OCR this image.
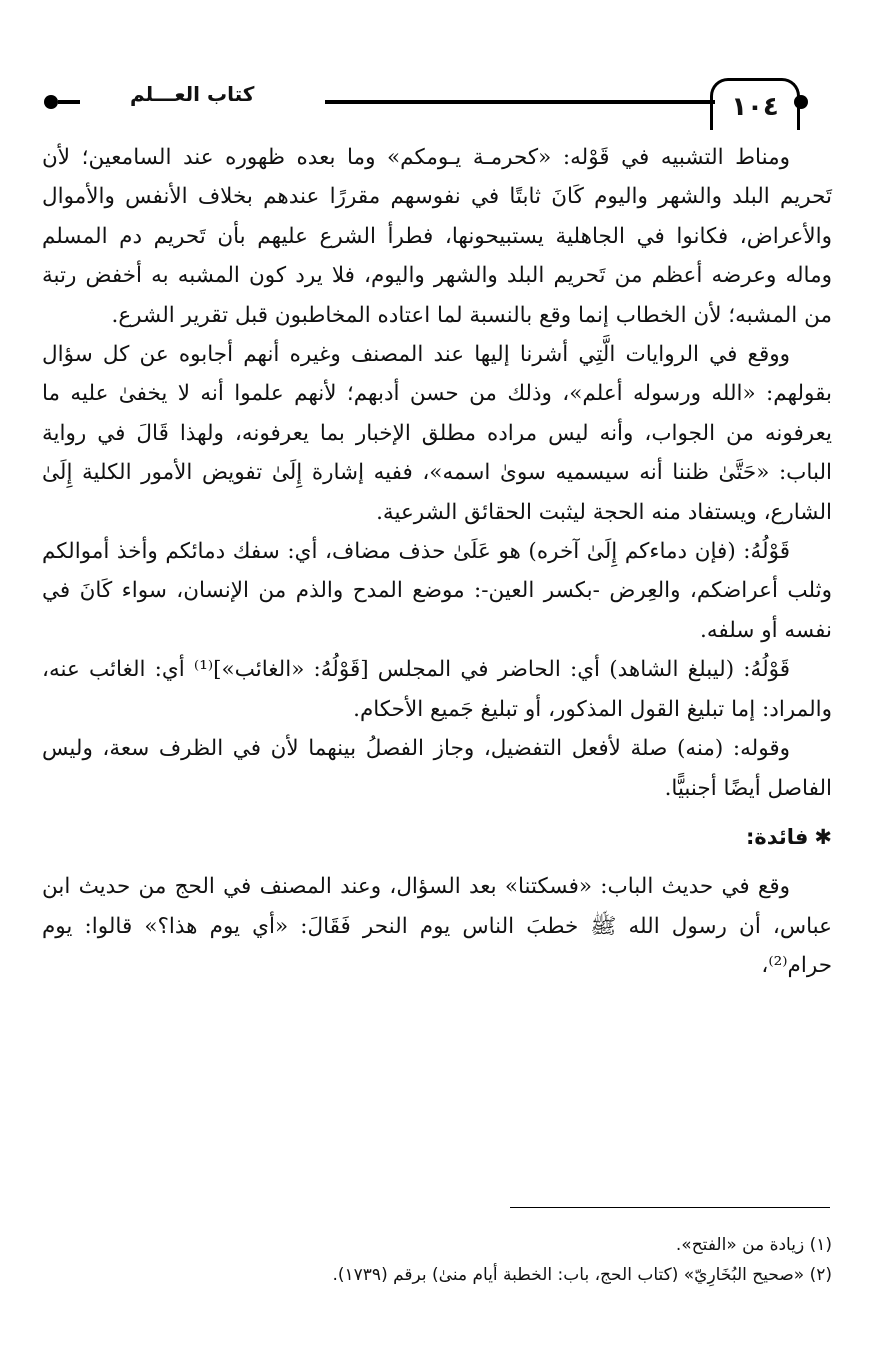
كتاب العـــلم	١٠٤

ومناط التشبيه في قَوْله: «كحرمـة يـومكم» وما بعده ظهوره عند السامعين؛ لأن تَحريم البلد والشهر واليوم كَانَ ثابتًا في نفوسهم مقررًا عندهم بخلاف الأنفس والأموال والأعراض، فكانوا في الجاهلية يستبيحونها، فطرأ الشرع عليهم بأن تَحريم دم المسلم وماله وعرضه أعظم من تَحريم البلد والشهر واليوم، فلا يرد كون المشبه به أخفض رتبة من المشبه؛ لأن الخطاب إنما وقع بالنسبة لما اعتاده المخاطبون قبل تقرير الشرع.

ووقع في الروايات الَّتِي أشرنا إليها عند المصنف وغيره أنهم أجابوه عن كل سؤال بقولهم: «الله ورسوله أعلم»، وذلك من حسن أدبهم؛ لأنهم علموا أنه لا يخفىٰ عليه ما يعرفونه من الجواب، وأنه ليس مراده مطلق الإخبار بما يعرفونه، ولهذا قَالَ في رواية الباب: «حَتَّىٰ ظننا أنه سيسميه سوىٰ اسمه»، ففيه إشارة إِلَىٰ تفويض الأمور الكلية إِلَىٰ الشارع، ويستفاد منه الحجة ليثبت الحقائق الشرعية.

قَوْلُهُ: (فإن دماءكم إِلَىٰ آخره) هو عَلَىٰ حذف مضاف، أي: سفك دمائكم وأخذ أموالكم وثلب أعراضكم، والعِرض -بكسر العين-: موضع المدح والذم من الإنسان، سواء كَانَ في نفسه أو سلفه.

قَوْلُهُ: (ليبلغ الشاهد) أي: الحاضر في المجلس [قَوْلُهُ: «الغائب»]⁽¹⁾ أي: الغائب عنه، والمراد: إما تبليغ القول المذكور، أو تبليغ جَميع الأحكام.

وقوله: (منه) صلة لأفعل التفضيل، وجاز الفصلُ بينهما لأن في الظرف سعة، وليس الفاصل أيضًا أجنبيًّا.

✱فائدة:

وقع في حديث الباب: «فسكتنا» بعد السؤال، وعند المصنف في الحج من حديث ابن عباس، أن رسول الله ﷺ خطبَ الناس يوم النحر فَقَالَ: «أي يوم هذا؟» قالوا: يوم حرام⁽²⁾،

(١) زيادة من «الفتح».

(٢) «صحيح البُخَارِيّ» (كتاب الحج، باب: الخطبة أيام منىٰ) برقم (١٧٣٩).
